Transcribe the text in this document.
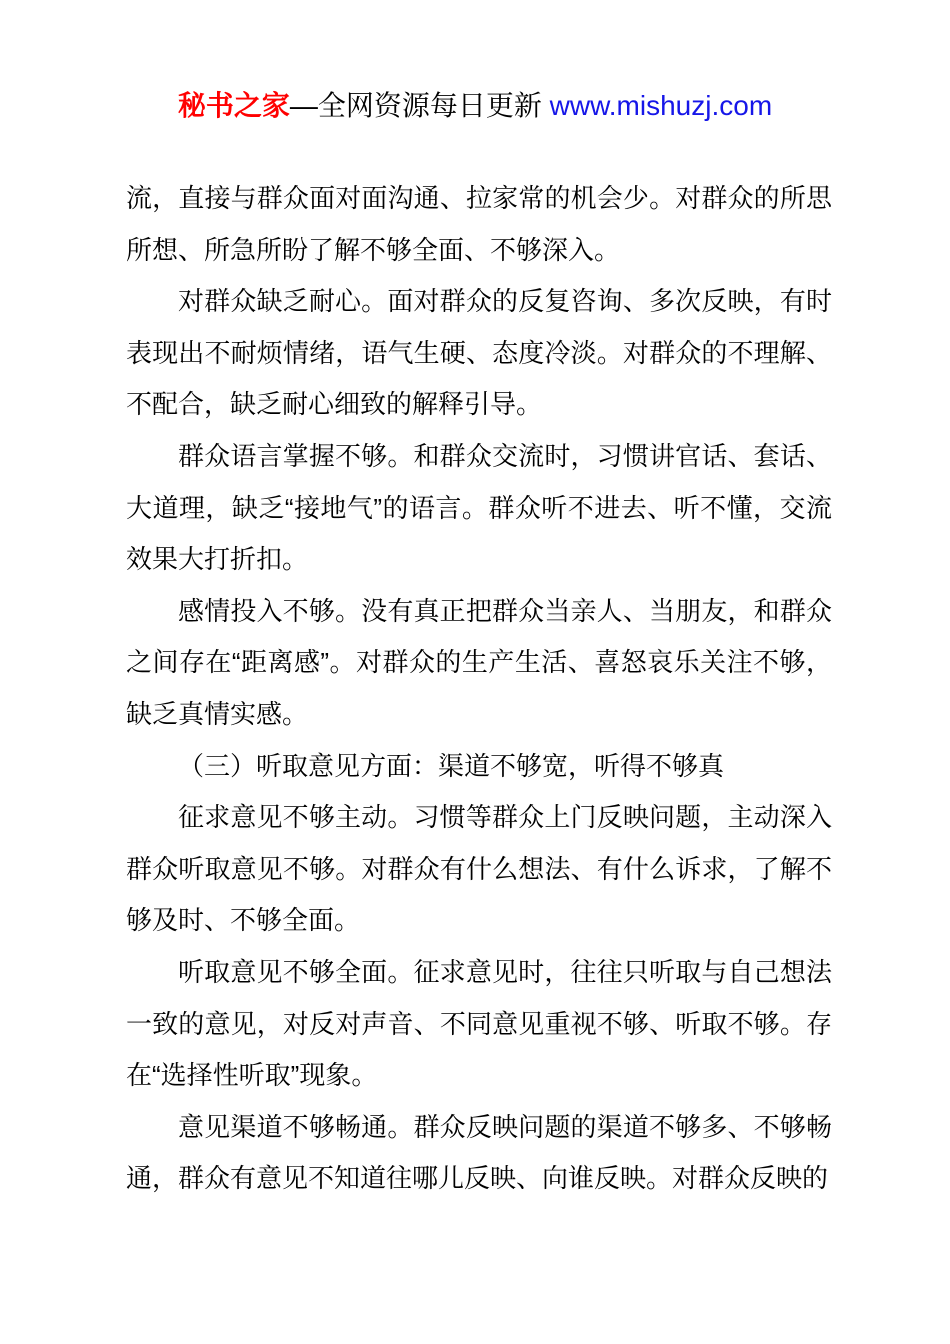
秘书之家—全网资源每日更新 www.mishuzj.com

流，直接与群众面对面沟通、拉家常的机会少。对群众的所思所想、所急所盼了解不够全面、不够深入。

对群众缺乏耐心。面对群众的反复咨询、多次反映，有时表现出不耐烦情绪，语气生硬、态度冷淡。对群众的不理解、不配合，缺乏耐心细致的解释引导。

群众语言掌握不够。和群众交流时，习惯讲官话、套话、大道理，缺乏“接地气”的语言。群众听不进去、听不懂，交流效果大打折扣。

感情投入不够。没有真正把群众当亲人、当朋友，和群众之间存在“距离感”。对群众的生产生活、喜怒哀乐关注不够，缺乏真情实感。

（三）听取意见方面：渠道不够宽，听得不够真

征求意见不够主动。习惯等群众上门反映问题，主动深入群众听取意见不够。对群众有什么想法、有什么诉求，了解不够及时、不够全面。

听取意见不够全面。征求意见时，往往只听取与自己想法一致的意见，对反对声音、不同意见重视不够、听取不够。存在“选择性听取”现象。

意见渠道不够畅通。群众反映问题的渠道不够多、不够畅通，群众有意见不知道往哪儿反映、向谁反映。对群众反映的
